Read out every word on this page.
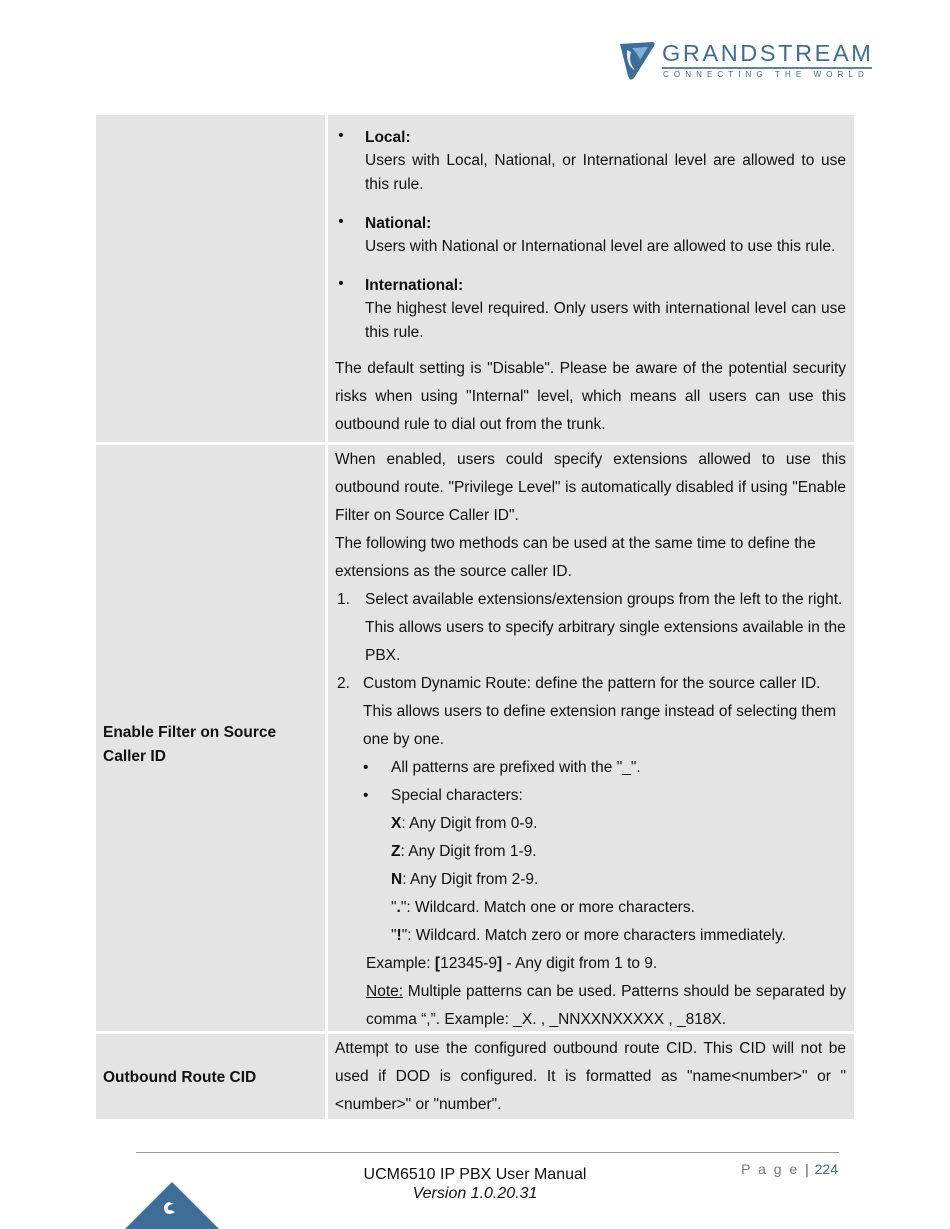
GRANDSTREAM
CONNECTING THE WORLD
• Local:
Users with Local, National, or International level are allowed to use this rule.
• National:
Users with National or International level are allowed to use this rule.
• International:
The highest level required. Only users with international level can use this rule.
The default setting is "Disable". Please be aware of the potential security risks when using "Internal" level, which means all users can use this outbound rule to dial out from the trunk.
Enable Filter on Source Caller ID
When enabled, users could specify extensions allowed to use this outbound route. "Privilege Level" is automatically disabled if using "Enable Filter on Source Caller ID".
The following two methods can be used at the same time to define the extensions as the source caller ID.
1. Select available extensions/extension groups from the left to the right. This allows users to specify arbitrary single extensions available in the PBX.
2. Custom Dynamic Route: define the pattern for the source caller ID. This allows users to define extension range instead of selecting them one by one.
• All patterns are prefixed with the "_".
• Special characters:
X: Any Digit from 0-9.
Z: Any Digit from 1-9.
N: Any Digit from 2-9.
".": Wildcard. Match one or more characters.
"!": Wildcard. Match zero or more characters immediately.
Example: [12345-9] - Any digit from 1 to 9.
Note: Multiple patterns can be used. Patterns should be separated by comma “,”. Example: _X. , _NNXXNXXXXX , _818X.
Outbound Route CID
Attempt to use the configured outbound route CID. This CID will not be used if DOD is configured. It is formatted as "name<number>" or "<number>" or "number".
P a g e | 224
UCM6510 IP PBX User Manual
Version 1.0.20.31
